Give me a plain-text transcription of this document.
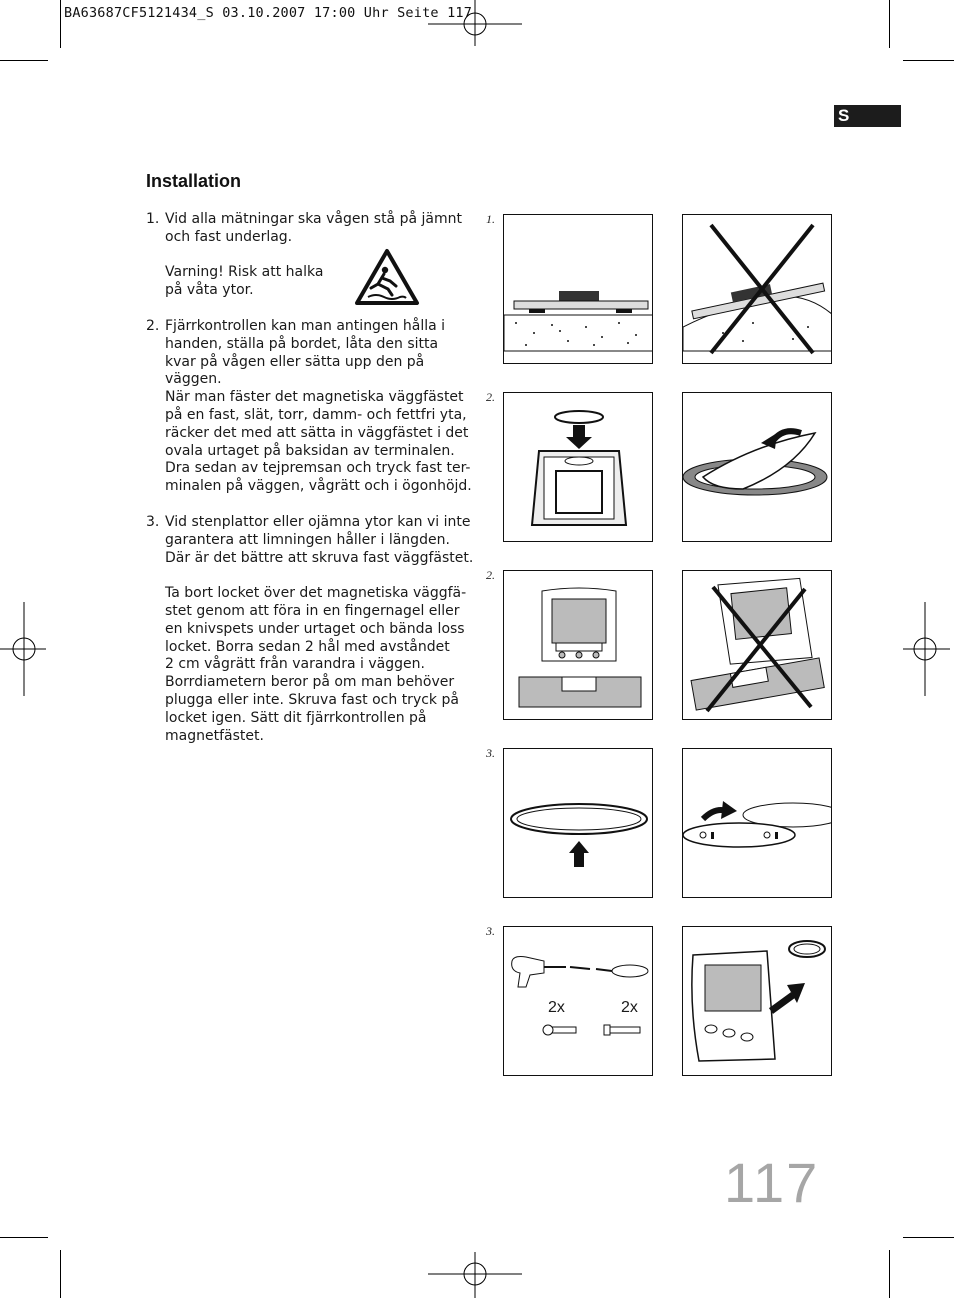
BA63687CF5121434_S 03.10.2007 17:00 Uhr Seite 117
S
Installation
1. Vid alla mätningar ska vågen stå på jämnt
och fast underlag.
Varning! Risk att halka
på våta ytor.
2. Fjärrkontrollen kan man antingen hålla i
handen, ställa på bordet, låta den sitta
kvar på vågen eller sätta upp den på
väggen.
När man fäster det magnetiska väggfästet
på en fast, slät, torr, damm- och fettfri yta,
räcker det med att sätta in väggfästet i det
ovala urtaget på baksidan av terminalen.
Dra sedan av tejpremsan och tryck fast ter-
minalen på väggen, vågrätt och i ögonhöjd.
3. Vid stenplattor eller ojämna ytor kan vi inte
garantera att limningen håller i längden.
Där är det bättre att skruva fast väggfästet.
Ta bort locket över det magnetiska väggfä-
stet genom att föra in en fingernagel eller
en knivspets under urtaget och bända loss
locket. Borra sedan 2 hål med avståndet
2 cm vågrätt från varandra i väggen.
Borrdiametern beror på om man behöver
plugga eller inte. Skruva fast och tryck på
locket igen. Sätt dit fjärrkontrollen på
magnetfästet.
1.
2.
2.
3.
3.
2x	2x
117
